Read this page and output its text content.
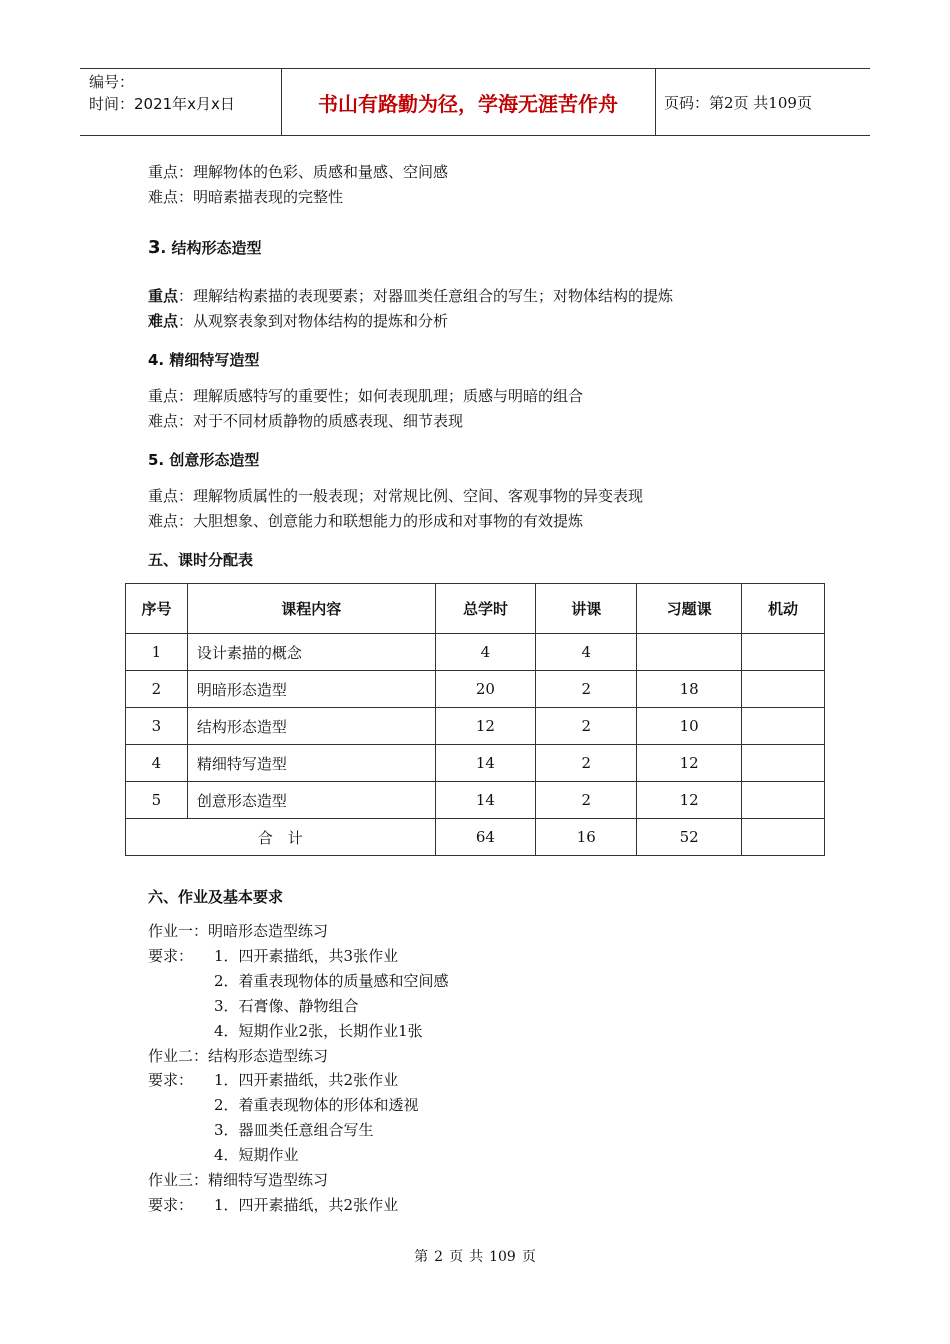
编号：
时间：2021年x月x日	书山有路勤为径，学海无涯苦作舟	页码：第2页 共109页
重点：理解物体的色彩、质感和量感、空间感
难点：明暗素描表现的完整性
3. 结构形态造型
重点：理解结构素描的表现要素；对器皿类任意组合的写生；对物体结构的提炼
难点：从观察表象到对物体结构的提炼和分析
4. 精细特写造型
重点：理解质感特写的重要性；如何表现肌理；质感与明暗的组合
难点：对于不同材质静物的质感表现、细节表现
5. 创意形态造型
重点：理解物质属性的一般表现；对常规比例、空间、客观事物的异变表现
难点：大胆想象、创意能力和联想能力的形成和对事物的有效提炼
五、课时分配表
序号	课程内容	总学时	讲课	习题课	机动
1	设计素描的概念	4	4		
2	明暗形态造型	20	2	18	
3	结构形态造型	12	2	10	
4	精细特写造型	14	2	12	
5	创意形态造型	14	2	12	
合　计		64	16	52	
六、作业及基本要求
作业一：明暗形态造型练习
要求： 1．四开素描纸，共3张作业
2．着重表现物体的质量感和空间感
3．石膏像、静物组合
4．短期作业2张，长期作业1张
作业二：结构形态造型练习
要求： 1．四开素描纸，共2张作业
2．着重表现物体的形体和透视
3．器皿类任意组合写生
4．短期作业
作业三：精细特写造型练习
要求： 1．四开素描纸，共2张作业
第 2 页 共 109 页
